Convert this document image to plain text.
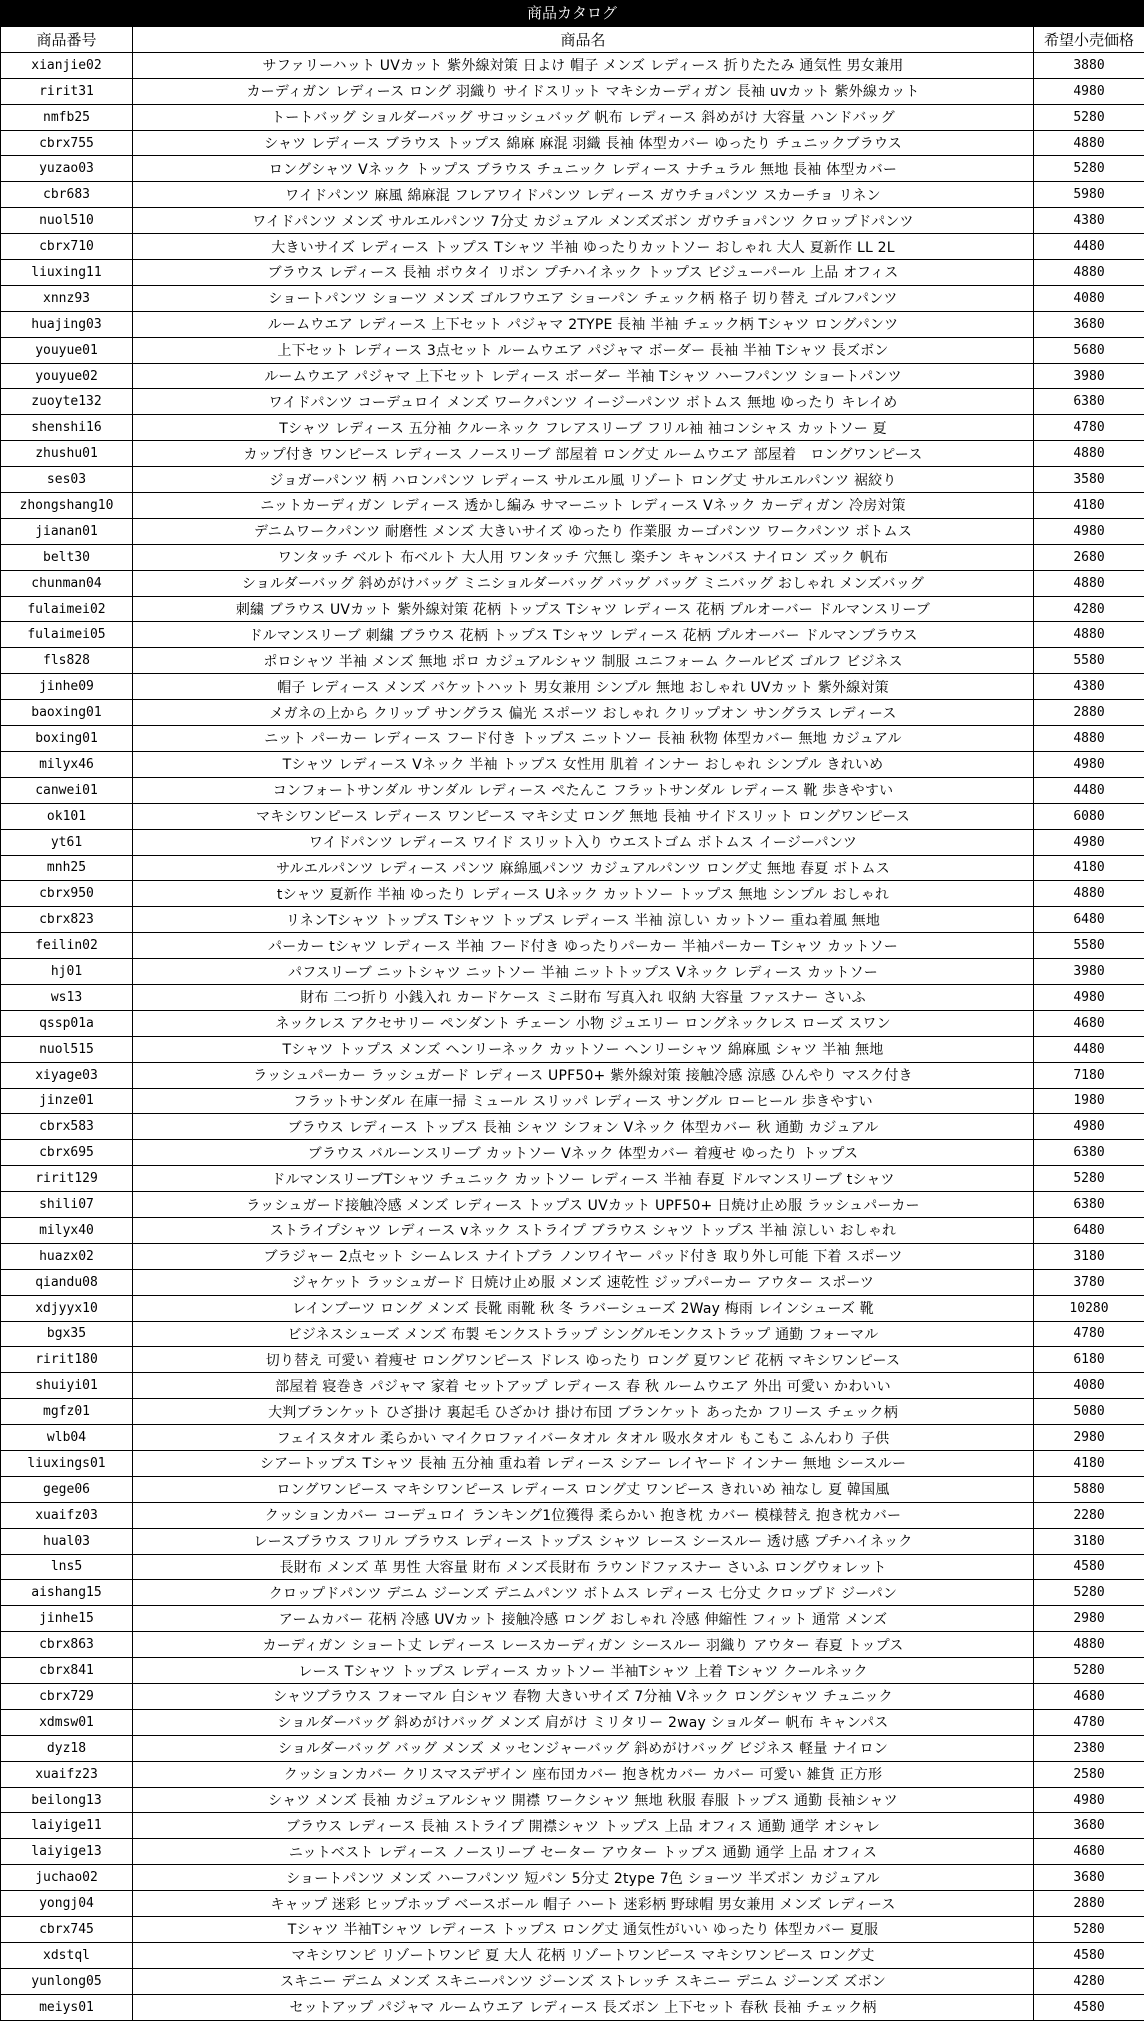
商品カタログ
商品番号	商品名	希望小売価格
xianjie02	サファリーハット UVカット 紫外線対策 日よけ 帽子 メンズ レディース 折りたたみ 通気性 男女兼用	3880
ririt31	カーディガン レディース ロング 羽織り サイドスリット マキシカーディガン 長袖 uvカット 紫外線カット	4980
nmfb25	トートバッグ ショルダーバッグ サコッシュバッグ 帆布 レディース 斜めがけ 大容量 ハンドバッグ	5280
cbrx755	シャツ レディース ブラウス トップス 綿麻 麻混 羽織 長袖 体型カバー ゆったり チュニックブラウス	4880
yuzao03	ロングシャツ Vネック トップス ブラウス チュニック レディース ナチュラル 無地 長袖 体型カバー	5280
cbr683	ワイドパンツ 麻風 綿麻混 フレアワイドパンツ レディース ガウチョパンツ スカーチョ リネン	5980
nuol510	ワイドパンツ メンズ サルエルパンツ 7分丈 カジュアル メンズズボン ガウチョパンツ クロップドパンツ	4380
cbrx710	大きいサイズ レディース トップス Tシャツ 半袖 ゆったりカットソー おしゃれ 大人 夏新作 LL 2L	4480
liuxing11	ブラウス レディース 長袖 ボウタイ リボン プチハイネック トップス ビジューパール 上品 オフィス	4880
xnnz93	ショートパンツ ショーツ メンズ ゴルフウエア ショーパン チェック柄 格子 切り替え ゴルフパンツ	4080
huajing03	ルームウエア レディース 上下セット パジャマ 2TYPE 長袖 半袖 チェック柄 Tシャツ ロングパンツ	3680
youyue01	上下セット レディース 3点セット ルームウエア パジャマ ボーダー 長袖 半袖 Tシャツ 長ズボン	5680
youyue02	ルームウエア パジャマ 上下セット レディース ボーダー 半袖 Tシャツ ハーフパンツ ショートパンツ	3980
zuoyte132	ワイドパンツ コーデュロイ メンズ ワークパンツ イージーパンツ ボトムス 無地 ゆったり キレイめ	6380
shenshi16	Tシャツ レディース 五分袖 クルーネック フレアスリーブ フリル袖 袖コンシャス カットソー 夏	4780
zhushu01	カップ付き ワンピース レディース ノースリーブ 部屋着 ロング丈 ルームウエア 部屋着　ロングワンピース	4880
ses03	ジョガーパンツ 柄 ハロンパンツ レディース サルエル風 リゾート ロング丈 サルエルパンツ 裾絞り	3580
zhongshang10	ニットカーディガン レディース 透かし編み サマーニット レディース Vネック カーディガン 冷房対策	4180
jianan01	デニムワークパンツ 耐磨性 メンズ 大きいサイズ ゆったり 作業服 カーゴパンツ ワークパンツ ボトムス	4980
belt30	ワンタッチ ベルト 布ベルト 大人用 ワンタッチ 穴無し 楽チン キャンバス ナイロン ズック 帆布	2680
chunman04	ショルダーバッグ 斜めがけバッグ ミニショルダーバッグ バッグ バッグ ミニバッグ おしゃれ メンズバッグ	4880
fulaimei02	刺繍 ブラウス UVカット 紫外線対策 花柄 トップス Tシャツ レディース 花柄 プルオーバー ドルマンスリーブ	4280
fulaimei05	ドルマンスリーブ 刺繍 ブラウス 花柄 トップス Tシャツ レディース 花柄 プルオーバー ドルマンブラウス	4880
fls828	ポロシャツ 半袖 メンズ 無地 ポロ カジュアルシャツ 制服 ユニフォーム クールビズ ゴルフ ビジネス	5580
jinhe09	帽子 レディース メンズ バケットハット 男女兼用 シンプル 無地 おしゃれ UVカット 紫外線対策	4380
baoxing01	メガネの上から クリップ サングラス 偏光 スポーツ おしゃれ クリップオン サングラス レディース	2880
boxing01	ニット パーカー レディース フード付き トップス ニットソー 長袖 秋物 体型カバー 無地 カジュアル	4880
milyx46	Tシャツ レディース Vネック 半袖 トップス 女性用 肌着 インナー おしゃれ シンプル きれいめ	4980
canwei01	コンフォートサンダル サンダル レディース ぺたんこ フラットサンダル レディース 靴 歩きやすい	4480
ok101	マキシワンピース レディース ワンピース マキシ丈 ロング 無地 長袖 サイドスリット ロングワンピース	6080
yt61	ワイドパンツ レディース ワイド スリット入り ウエストゴム ボトムス イージーパンツ	4980
mnh25	サルエルパンツ レディース パンツ 麻綿風パンツ カジュアルパンツ ロング丈 無地 春夏 ボトムス	4180
cbrx950	tシャツ 夏新作 半袖 ゆったり レディース Uネック カットソー トップス 無地 シンプル おしゃれ	4880
cbrx823	リネンTシャツ トップス Tシャツ トップス レディース 半袖 涼しい カットソー 重ね着風 無地	6480
feilin02	パーカー tシャツ レディース 半袖 フード付き ゆったりパーカー 半袖パーカー Tシャツ カットソー	5580
hj01	パフスリーブ ニットシャツ ニットソー 半袖 ニットトップス Vネック レディース カットソー	3980
ws13	財布 二つ折り 小銭入れ カードケース ミニ財布 写真入れ 収納 大容量 ファスナー さいふ	4980
qssp01a	ネックレス アクセサリー ペンダント チェーン 小物 ジュエリー ロングネックレス ローズ スワン	4680
nuol515	Tシャツ トップス メンズ ヘンリーネック カットソー ヘンリーシャツ 綿麻風 シャツ 半袖 無地	4480
xiyage03	ラッシュパーカー ラッシュガード レディース UPF50+ 紫外線対策 接触冷感 涼感 ひんやり マスク付き	7180
jinze01	フラットサンダル 在庫一掃 ミュール スリッパ レディース サングル ローヒール 歩きやすい	1980
cbrx583	ブラウス レディース トップス 長袖 シャツ シフォン Vネック 体型カバー 秋 通勤 カジュアル	4980
cbrx695	ブラウス バルーンスリーブ カットソー Vネック 体型カバー 着痩せ ゆったり トップス	6380
ririt129	ドルマンスリーブTシャツ チュニック カットソー レディース 半袖 春夏 ドルマンスリーブ tシャツ	5280
shili07	ラッシュガード接触冷感 メンズ レディース トップス UVカット UPF50+ 日焼け止め服 ラッシュパーカー	6380
milyx40	ストライプシャツ レディース vネック ストライプ ブラウス シャツ トップス 半袖 涼しい おしゃれ	6480
huazx02	ブラジャー 2点セット シームレス ナイトブラ ノンワイヤー パッド付き 取り外し可能 下着 スポーツ	3180
qiandu08	ジャケット ラッシュガード 日焼け止め服 メンズ 速乾性 ジップパーカー アウター スポーツ	3780
xdjyyx10	レインブーツ ロング メンズ 長靴 雨靴 秋 冬 ラバーシューズ 2Way 梅雨 レインシューズ 靴	10280
bgx35	ビジネスシューズ メンズ 布製 モンクストラップ シングルモンクストラップ 通勤 フォーマル	4780
ririt180	切り替え 可愛い 着痩せ ロングワンピース ドレス ゆったり ロング 夏ワンピ 花柄 マキシワンピース	6180
shuiyi01	部屋着 寝巻き パジャマ 家着 セットアップ レディース 春 秋 ルームウエア 外出 可愛い かわいい	4080
mgfz01	大判ブランケット ひざ掛け 裏起毛 ひざかけ 掛け布団 ブランケット あったか フリース チェック柄	5080
wlb04	フェイスタオル 柔らかい マイクロファイバータオル タオル 吸水タオル もこもこ ふんわり 子供	2980
liuxings01	シアートップス Tシャツ 長袖 五分袖 重ね着 レディース シアー レイヤード インナー 無地 シースルー	4180
gege06	ロングワンピース マキシワンピース レディース ロング丈 ワンピース きれいめ 袖なし 夏 韓国風	5880
xuaifz03	クッションカバー コーデュロイ ランキング1位獲得 柔らかい 抱き枕 カバー 模様替え 抱き枕カバー	2280
hual03	レースブラウス フリル ブラウス レディース トップス シャツ レース シースルー 透け感 プチハイネック	3180
lns5	長財布 メンズ 革 男性 大容量 財布 メンズ長財布 ラウンドファスナー さいふ ロングウォレット	4580
aishang15	クロップドパンツ デニム ジーンズ デニムパンツ ボトムス レディース 七分丈 クロップド ジーパン	5280
jinhe15	アームカバー 花柄 冷感 UVカット 接触冷感 ロング おしゃれ 冷感 伸縮性 フィット 通常 メンズ	2980
cbrx863	カーディガン ショート丈 レディース レースカーディガン シースルー 羽織り アウター 春夏 トップス	4880
cbrx841	レース Tシャツ トップス レディース カットソー 半袖Tシャツ 上着 Tシャツ クールネック	5280
cbrx729	シャツブラウス フォーマル 白シャツ 春物 大きいサイズ 7分袖 Vネック ロングシャツ チュニック	4680
xdmsw01	ショルダーバッグ 斜めがけバッグ メンズ 肩がけ ミリタリー 2way ショルダー 帆布 キャンパス	4780
dyz18	ショルダーバッグ バッグ メンズ メッセンジャーバッグ 斜めがけバッグ ビジネス 軽量 ナイロン	2380
xuaifz23	クッションカバー クリスマスデザイン 座布団カバー 抱き枕カバー カバー 可愛い 雑貨 正方形	2580
beilong13	シャツ メンズ 長袖 カジュアルシャツ 開襟 ワークシャツ 無地 秋服 春服 トップス 通勤 長袖シャツ	4980
laiyige11	ブラウス レディース 長袖 ストライプ 開襟シャツ トップス 上品 オフィス 通勤 通学 オシャレ	3680
laiyige13	ニットベスト レディース ノースリーブ セーター アウター トップス 通勤 通学 上品 オフィス	4680
juchao02	ショートパンツ メンズ ハーフパンツ 短パン 5分丈 2type 7色 ショーツ 半ズボン カジュアル	3680
yongj04	キャップ 迷彩 ヒップホップ ベースボール 帽子 ハート 迷彩柄 野球帽 男女兼用 メンズ レディース	2880
cbrx745	Tシャツ 半袖Tシャツ レディース トップス ロング丈 通気性がいい ゆったり 体型カバー 夏服	5280
xdstql	マキシワンピ リゾートワンピ 夏 大人 花柄 リゾートワンピース マキシワンピース ロング丈	4580
yunlong05	スキニー デニム メンズ スキニーパンツ ジーンズ ストレッチ スキニー デニム ジーンズ ズボン	4280
meiys01	セットアップ パジャマ ルームウエア レディース 長ズボン 上下セット 春秋 長袖 チェック柄	4580
